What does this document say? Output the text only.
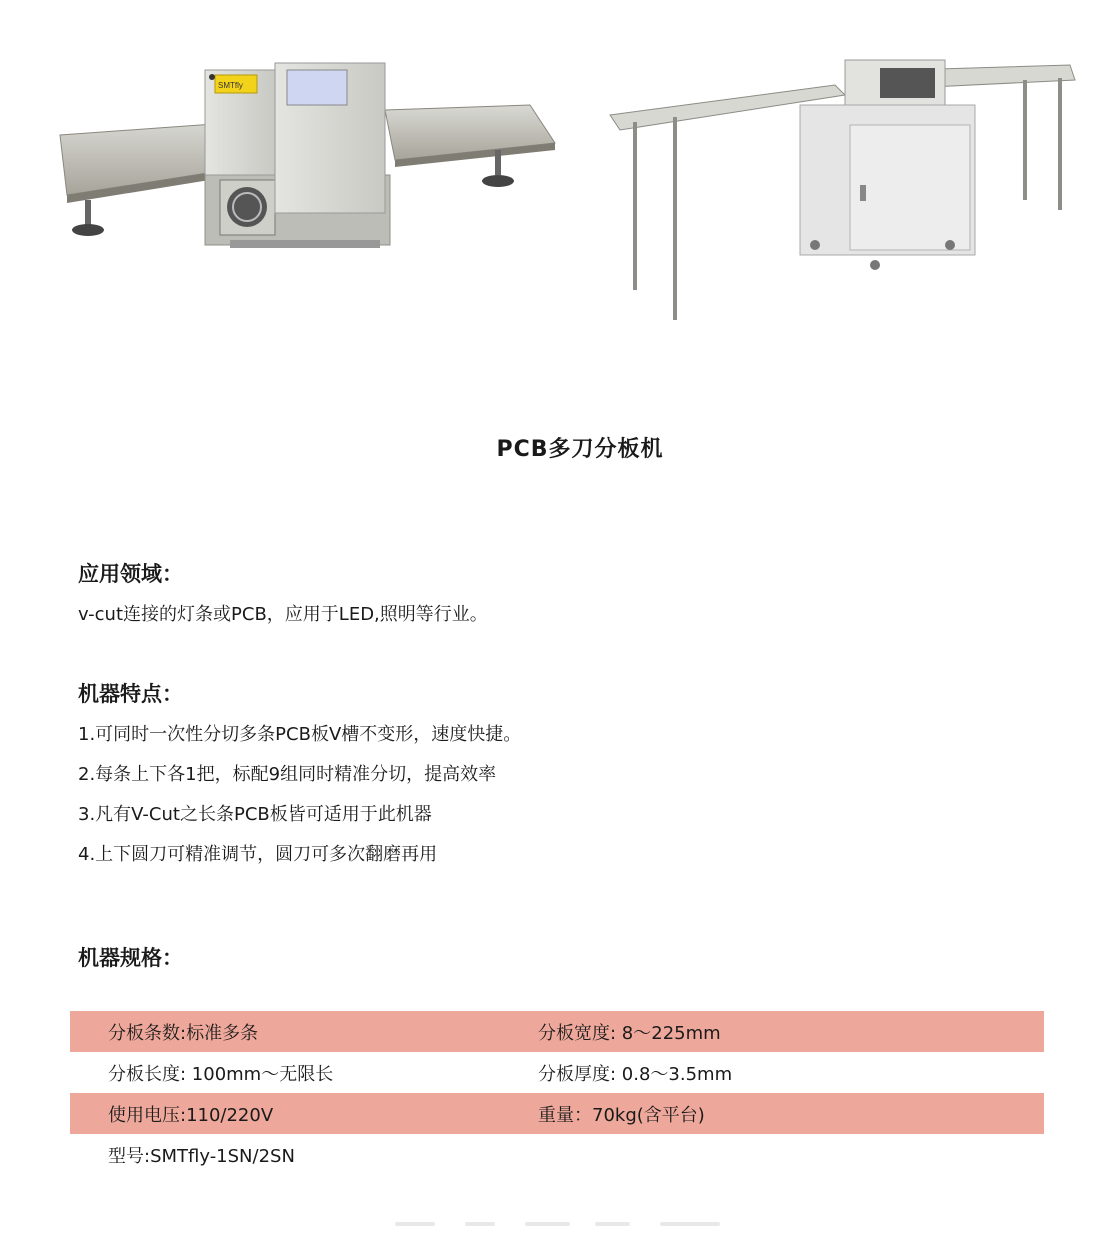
SMTfly
PCB多刀分板机
应用领域：
v-cut连接的灯条或PCB，应用于LED,照明等行业。
机器特点：
1.可同时一次性分切多条PCB板V槽不变形，速度快捷。
2.每条上下各1把，标配9组同时精准分切，提高效率
3.凡有V-Cut之长条PCB板皆可适用于此机器
4.上下圆刀可精准调节，圆刀可多次翻磨再用
机器规格：
分板条数:标准多条	分板宽度: 8～225mm
分板长度: 100mm～无限长	分板厚度: 0.8～3.5mm
使用电压:110/220V	重量：70kg(含平台)
型号:SMTfly-1SN/2SN
